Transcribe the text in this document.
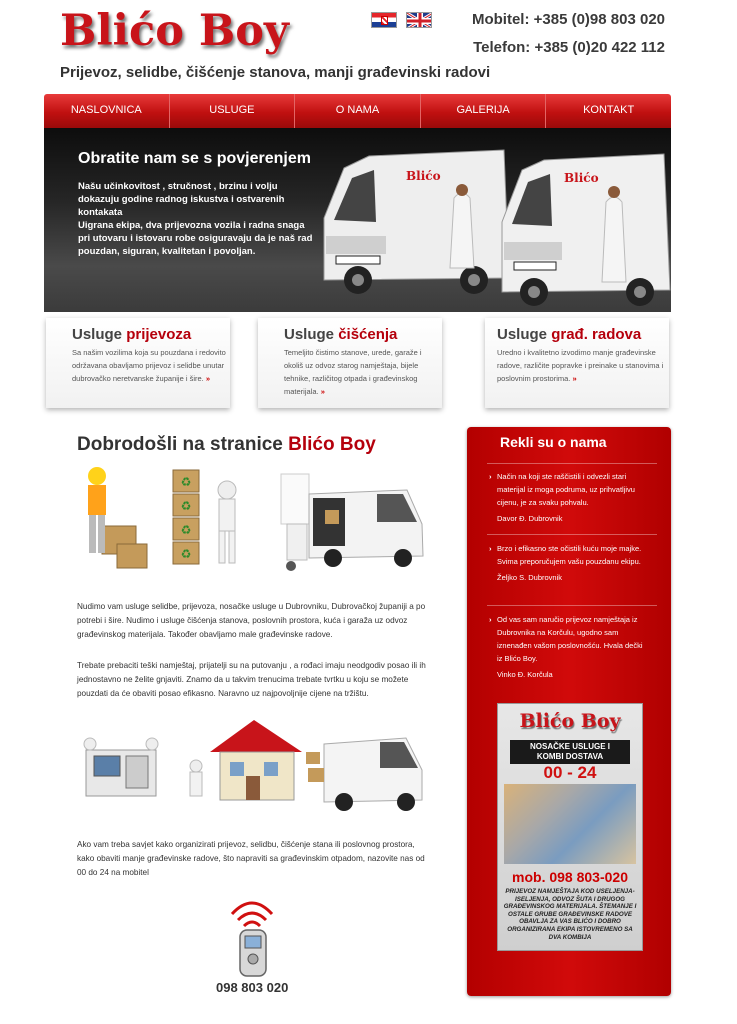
Blićo Boy	Mobitel: +385 (0)98 803 020
Telefon: +385 (0)20 422 112
Prijevoz, selidbe, čišćenje stanova, manji građevinski radovi
NASLOVNICA	USLUGE	O NAMA	GALERIJA	KONTAKT
Obratite nam se s povjerenjem

Našu učinkovitost , stručnost , brzinu i volju dokazuju godine radnog iskustva i ostvarenih kontakata

Uigrana ekipa, dva prijevozna vozila i radna snaga pri utovaru i istovaru robe osiguravaju da je naš rad pouzdan, siguran, kvalitetan i povoljan.

Blićo	Blićo
Usluge prijevoza
Sa našim vozilima koja su pouzdana i redovito održavana obavljamo prijevoz i selidbe unutar dubrovačko neretvanske županije i šire. »
Usluge čišćenja
Temeljito čistimo stanove, urede, garaže i okoliš uz odvoz starog namještaja, bijele tehnike, različitog otpada i građevinskog materijala. »
Usluge građ. radova
Uredno i kvalitetno izvodimo manje građevinske radove, različite popravke i preinake u stanovima i poslovnim prostorima. »
Dobrodošli na stranice Blićo Boy
♻
♻
♻
♻

Nudimo vam usluge selidbe, prijevoza, nosačke usluge u Dubrovniku, Dubrovačkoj županiji a po potrebi i šire. Nudimo i usluge čišćenja stanova, poslovnih prostora, kuća i garaža uz odvoz građevinskog materijala. Također obavljamo male građevinske radove.

Trebate prebaciti teški namještaj, prijatelji su na putovanju , a rođaci imaju neodgodiv posao ili ih jednostavno ne želite gnjaviti. Znamo da u takvim trenucima trebate tvrtku u koju se možete pouzdati da će obaviti posao efikasno. Naravno uz najpovoljnije cijene na tržištu.

Ako vam treba savjet kako organizirati prijevoz, selidbu, čišćenje stana ili poslovnog prostora, kako obaviti manje građevinske radove, što napraviti sa građevinskim otpadom, nazovite nas od 00 do 24 na mobitel

098 803 020
Rekli su o nama
› Način na koji ste raščistili i odvezli stari materijal iz moga podruma, uz prihvatljivu cijenu, je za svaku pohvalu.
Davor Đ. Dubrovnik
› Brzo i efikasno ste očistili kuću moje majke. Svima preporučujem vašu pouzdanu ekipu.
Željko S. Dubrovnik
› Od vas sam naručio prijevoz namještaja iz Dubrovnika na Korčulu, ugodno sam iznenađen vašom poslovnošću. Hvala dečki iz Blićo Boy.
Vinko Đ. Korčula
Blićo Boy
NOSAČKE USLUGE I
KOMBI DOSTAVA
00 - 24
mob. 098 803-020
PRIJEVOZ NAMJEŠTAJA KOD USELJENJA-ISELJENJA, ODVOZ ŠUTA I DRUGOG GRAĐEVINSKOG MATERIJALA. ŠTEMANJE I OSTALE GRUBE GRAĐEVINSKE RADOVE OBAVLJA ZA VAS BLIĆO I DOBRO ORGANIZIRANA EKIPA ISTOVREMENO SA DVA KOMBIJA
